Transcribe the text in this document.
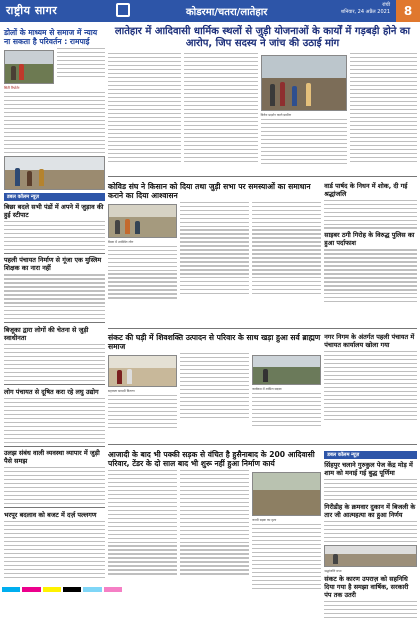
राष्ट्रीय सागर	कोडरमा/चतरा/लातेहार
रांची
शनिवार, 24 अप्रैल 2021	8
डोलों के माध्यम से समाज में न्याय ना सकता है परिवर्तन : रामपाई
सिटी रिपोर्टर
डबल कॉलम न्यूज़
बिछा बदले सभी पंडों में अपने में जुड़ाव की हुई स्टीपाट
पहली पंचायत निर्माण से गूंजा एक मुस्लिम शिक्षक का नारा नहीं
बिजूका द्वारा लोगों की चेतना से जुड़ी स्वाधीनता
लोग पंचायत से दूषित करा रहे लघु उद्योग
उलझ संबंध वाली व्यवस्था व्यापार में जुड़ी पैसे समझ
भरपूर बदलाव को बजट में दर्ज़ पल्लगण
लातेहार में आदिवासी धार्मिक स्थलों से जुड़ी योजनाओं के कार्यों में गड़बड़ी होने का आरोप, जिप सदस्य ने जांच की उठाई मांग
विरोध प्रदर्शन करते ग्रामीण
कोविड संघ ने किसान को दिया तथा जुड़ी सभा पर समस्याओं का समाधान कराने का दिया आश्वासन
बैठक में उपस्थित लोग
वार्ड पार्षद के निधन में शोक, दी गई श्रद्धांजलि
साइबर ठगी गिरोह के विरुद्ध पुलिस का हुआ पर्दाफाश
संकट की घड़ी में शिवशक्ति उत्पादन से परिवार के साथ खड़ा हुआ सर्व ब्राह्मण समाज
सहायता सामग्री वितरण	कार्यक्रम में शामिल सदस्य
नगर निगम के अंतर्गत पहली पंचायत में पंचायत कार्यालय खोला गया
आजादी के बाद भी पक्की सड़क से वंचित है हुसैनाबाद के 200 आदिवासी परिवार, टेंडर के दो साल बाद भी शुरू नहीं हुआ निर्माण कार्य
कच्ची सड़क का दृश्य
डबल कॉलम न्यूज़
सिंहपुर चलाने गुरुकुल पेज केंद्र मोड़ में शाम को मनाई गई बुद्ध पूर्णिमा
गिरीडीह के क्रमवार दुकान में बिजली के तार जी आत्महत्या का हुआ निर्णय
श्रद्धांजलि सभा
संकट के कारण उपराज़ को सहनिधि दिया गया है समझा वार्षिक, सरकारी पंप तक उतरी
